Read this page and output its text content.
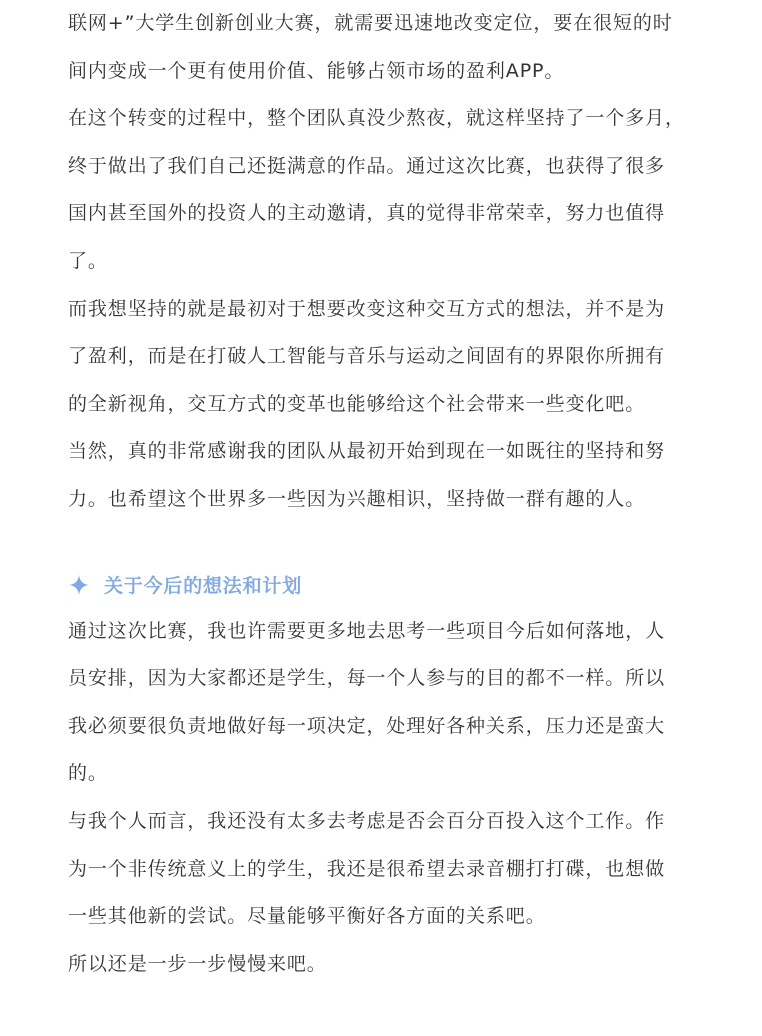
联网+”大学生创新创业大赛，就需要迅速地改变定位，要在很短的时
间内变成一个更有使用价值、能够占领市场的盈利APP。

在这个转变的过程中，整个团队真没少熬夜，就这样坚持了一个多月，
终于做出了我们自己还挺满意的作品。通过这次比赛，也获得了很多
国内甚至国外的投资人的主动邀请，真的觉得非常荣幸，努力也值得
了。

而我想坚持的就是最初对于想要改变这种交互方式的想法，并不是为
了盈利，而是在打破人工智能与音乐与运动之间固有的界限你所拥有
的全新视角，交互方式的变革也能够给这个社会带来一些变化吧。

当然，真的非常感谢我的团队从最初开始到现在一如既往的坚持和努
力。也希望这个世界多一些因为兴趣相识，坚持做一群有趣的人。

关于今后的想法和计划

通过这次比赛，我也许需要更多地去思考一些项目今后如何落地，人
员安排，因为大家都还是学生，每一个人参与的目的都不一样。所以
我必须要很负责地做好每一项决定，处理好各种关系，压力还是蛮大
的。

与我个人而言，我还没有太多去考虑是否会百分百投入这个工作。作
为一个非传统意义上的学生，我还是很希望去录音棚打打碟，也想做
一些其他新的尝试。尽量能够平衡好各方面的关系吧。

所以还是一步一步慢慢来吧。
